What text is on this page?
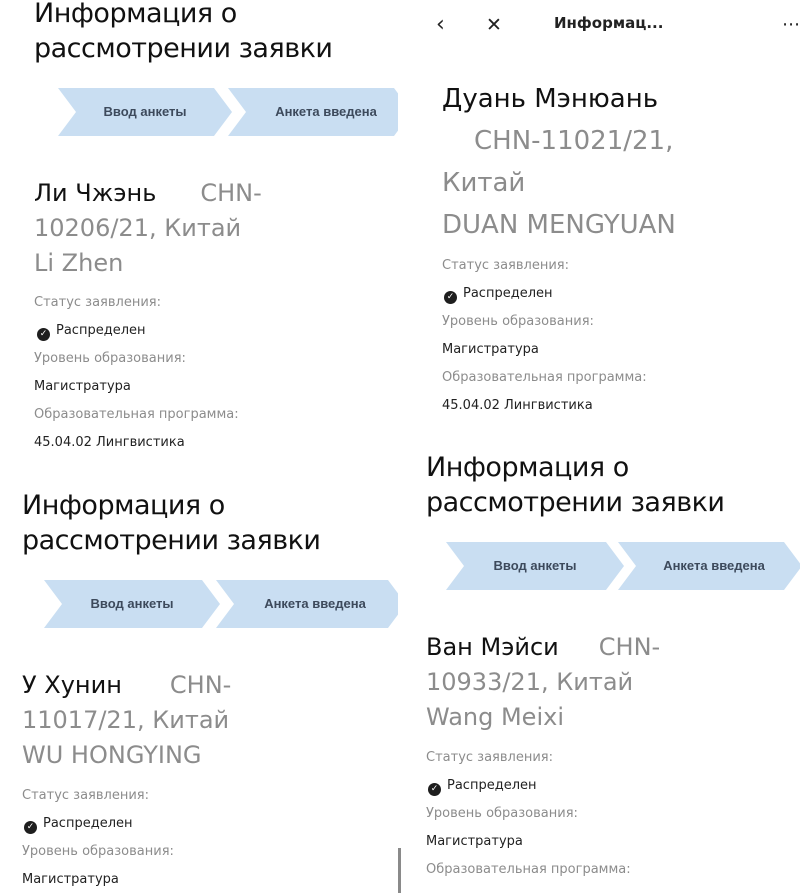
Информация о рассмотрении заявки
Ввод анкеты	Анкета введена
Ли Чжэнь CHN-
10206/21, Китай
Li Zhen
Статус заявления:
✓ Распределен
Уровень образования:
Магистратура
Образовательная программа:
45.04.02 Лингвистика
‹ ✕	Информац...	⋯
Дуань Мэнюань
CHN-11021/21,
Китай
DUAN MENGYUAN
Статус заявления:
✓ Распределен
Уровень образования:
Магистратура
Образовательная программа:
45.04.02 Лингвистика
Информация о рассмотрении заявки
Ввод анкеты	Анкета введена
У Хунин CHN-
11017/21, Китай
WU HONGYING
Статус заявления:
✓ Распределен
Уровень образования:
Магистратура
Информация о рассмотрении заявки
Ввод анкеты	Анкета введена
Ван Мэйси CHN-
10933/21, Китай
Wang Meixi
Статус заявления:
✓ Распределен
Уровень образования:
Магистратура
Образовательная программа:
